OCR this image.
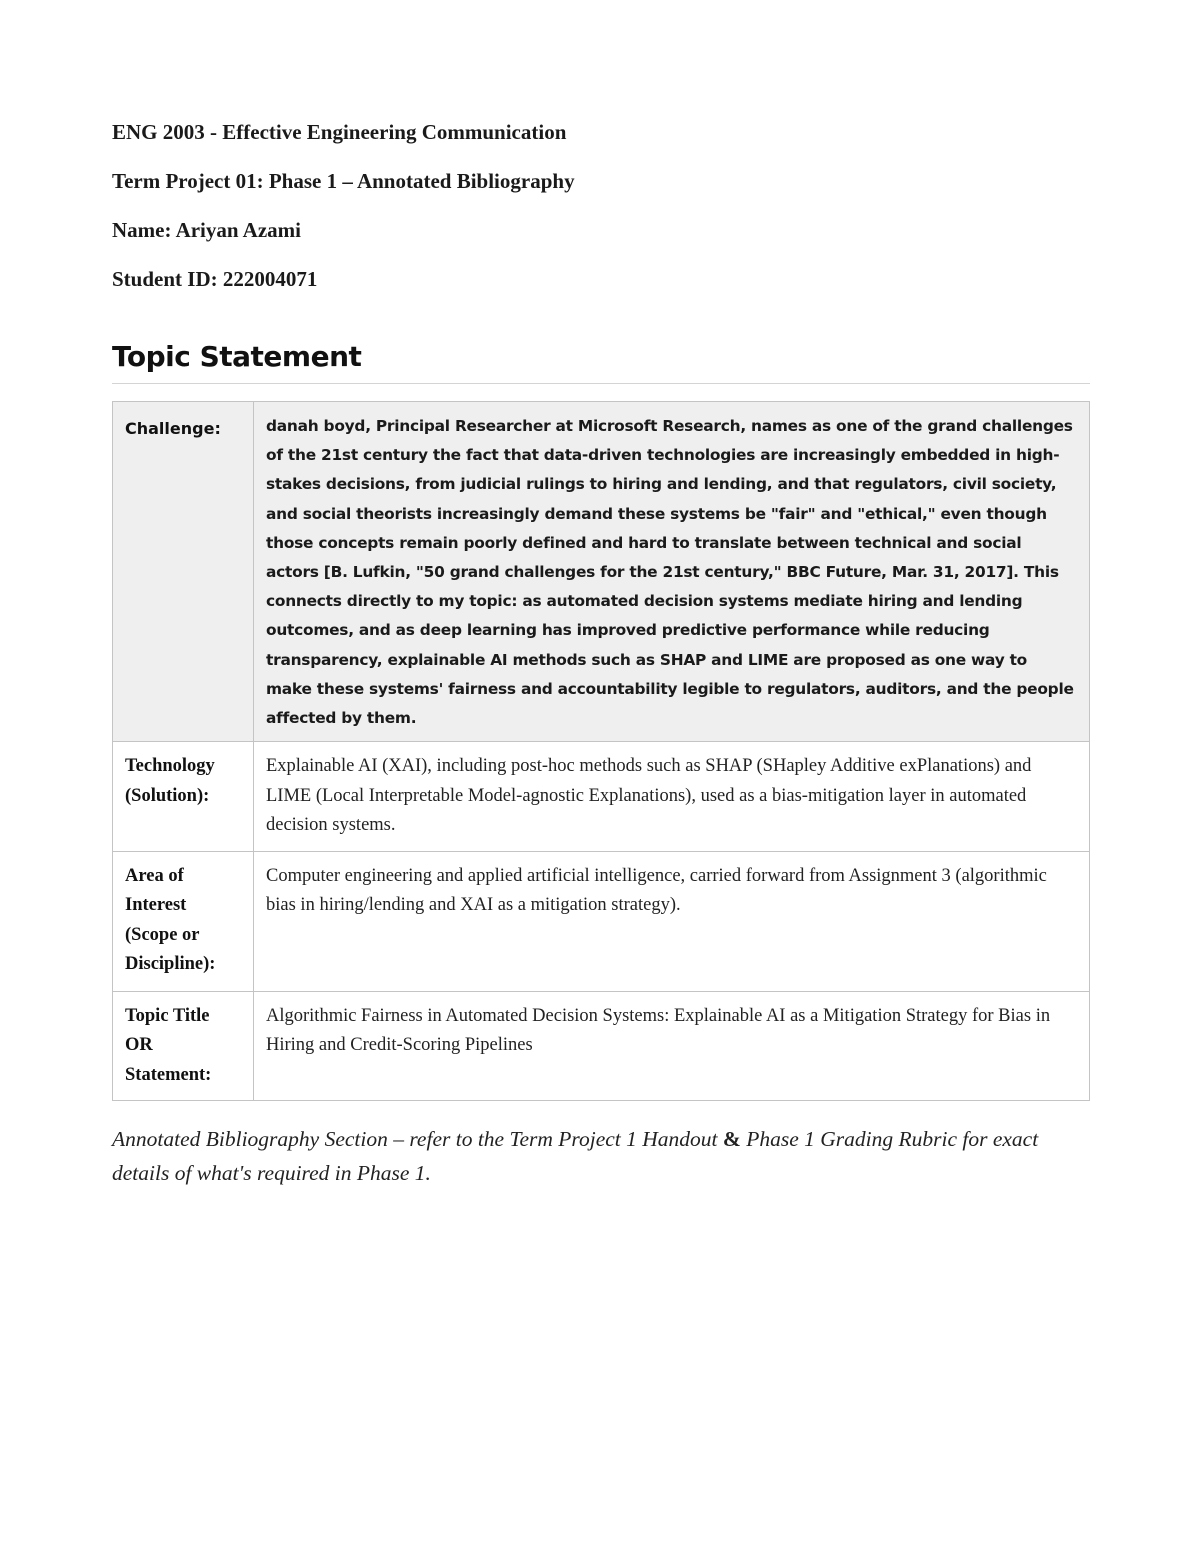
ENG 2003 - Effective Engineering Communication
Term Project 01: Phase 1 – Annotated Bibliography
Name: Ariyan Azami
Student ID: 222004071
Topic Statement
Challenge:	danah boyd, Principal Researcher at Microsoft Research, names as one of the grand challenges of the 21st century the fact that data-driven technologies are increasingly embedded in high-stakes decisions, from judicial rulings to hiring and lending, and that regulators, civil society, and social theorists increasingly demand these systems be "fair" and "ethical," even though those concepts remain poorly defined and hard to translate between technical and social actors [B. Lufkin, "50 grand challenges for the 21st century," BBC Future, Mar. 31, 2017]. This connects directly to my topic: as automated decision systems mediate hiring and lending outcomes, and as deep learning has improved predictive performance while reducing transparency, explainable AI methods such as SHAP and LIME are proposed as one way to make these systems' fairness and accountability legible to regulators, auditors, and the people affected by them.
Technology (Solution):	Explainable AI (XAI), including post-hoc methods such as SHAP (SHapley Additive exPlanations) and LIME (Local Interpretable Model-agnostic Explanations), used as a bias-mitigation layer in automated decision systems.
Area of Interest (Scope or Discipline):	Computer engineering and applied artificial intelligence, carried forward from Assignment 3 (algorithmic bias in hiring/lending and XAI as a mitigation strategy).
Topic Title OR Statement:	Algorithmic Fairness in Automated Decision Systems: Explainable AI as a Mitigation Strategy for Bias in Hiring and Credit-Scoring Pipelines
Annotated Bibliography Section – refer to the Term Project 1 Handout & Phase 1 Grading Rubric for exact details of what's required in Phase 1.
